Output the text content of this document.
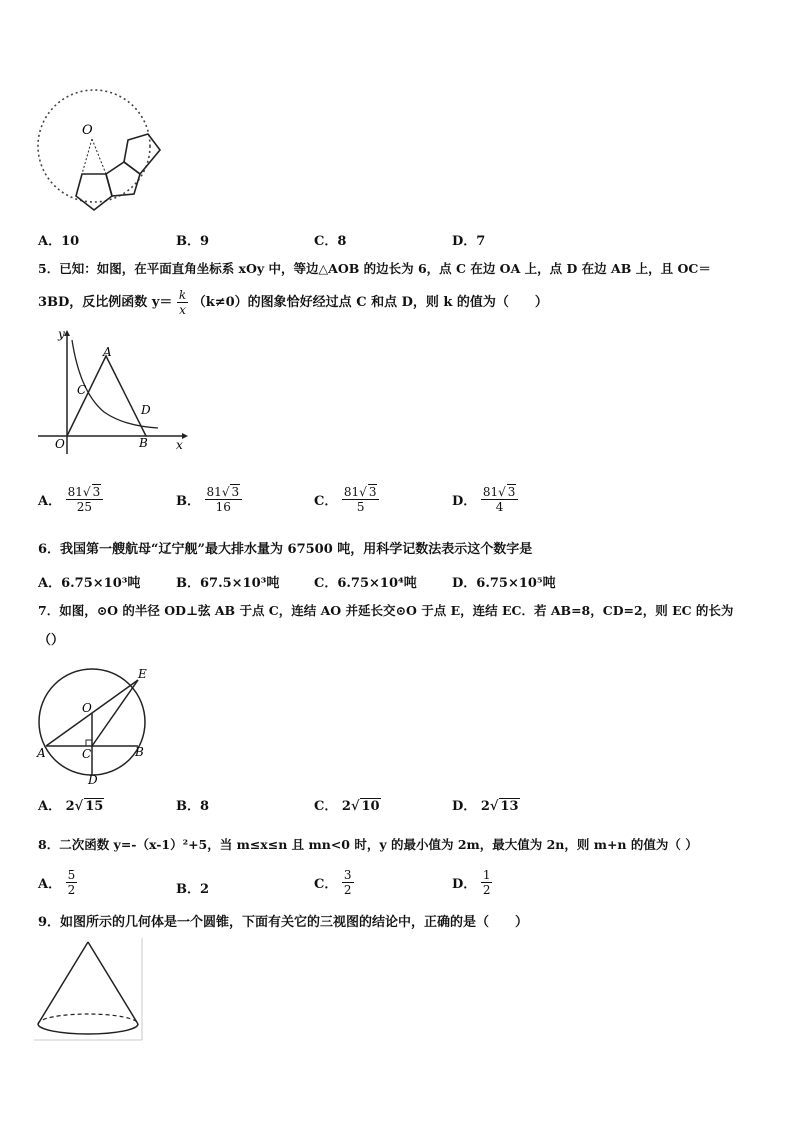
O
A．10	B．9	C．8	D．7
5．已知：如图，在平面直角坐标系 xOy 中，等边△AOB 的边长为 6，点 C 在边 OA 上，点 D 在边 AB 上，且 OC＝
3BD，反比例函数 $y= \frac{k}{x} (k\ne 0)$的图象恰好经过点 C 和点 D，则 k 的值为（　　）
y
x
O
A
B
C
D
A． $\frac{81√ 3}{25}$	B． $\frac{81√ 3}{16}$	C． $\frac{81√ 3}{5}$	D． $\frac{81√ 3}{4}$
6．我国第一艘航母“辽宁舰”最大排水量为 67500 吨，用科学记数法表示这个数字是
A．6.75×10³吨	B．67.5×10³吨	C．6.75×10⁴吨	D．6.75×10⁵吨
7．如图，⊙O 的半径 OD⊥弦 AB 于点 C，连结 AO 并延长交⊙O 于点 E，连结 EC．若 AB=8，CD=2，则 EC 的长为
（）
E
O
A	B
C
D
A． 2√ 15	B．8	C． 2√ 10	D． 2√ 13
8．二次函数 y=-（x-1）²+5，当 m≤x≤n 且 mn<0 时，y 的最小值为 2m，最大值为 2n，则 m+n 的值为（ ）
A． $\frac{5}{2}$	B．2	C． $\frac{3}{2}$	D． $\frac{1}{2}$
9．如图所示的几何体是一个圆锥，下面有关它的三视图的结论中，正确的是（　　）
